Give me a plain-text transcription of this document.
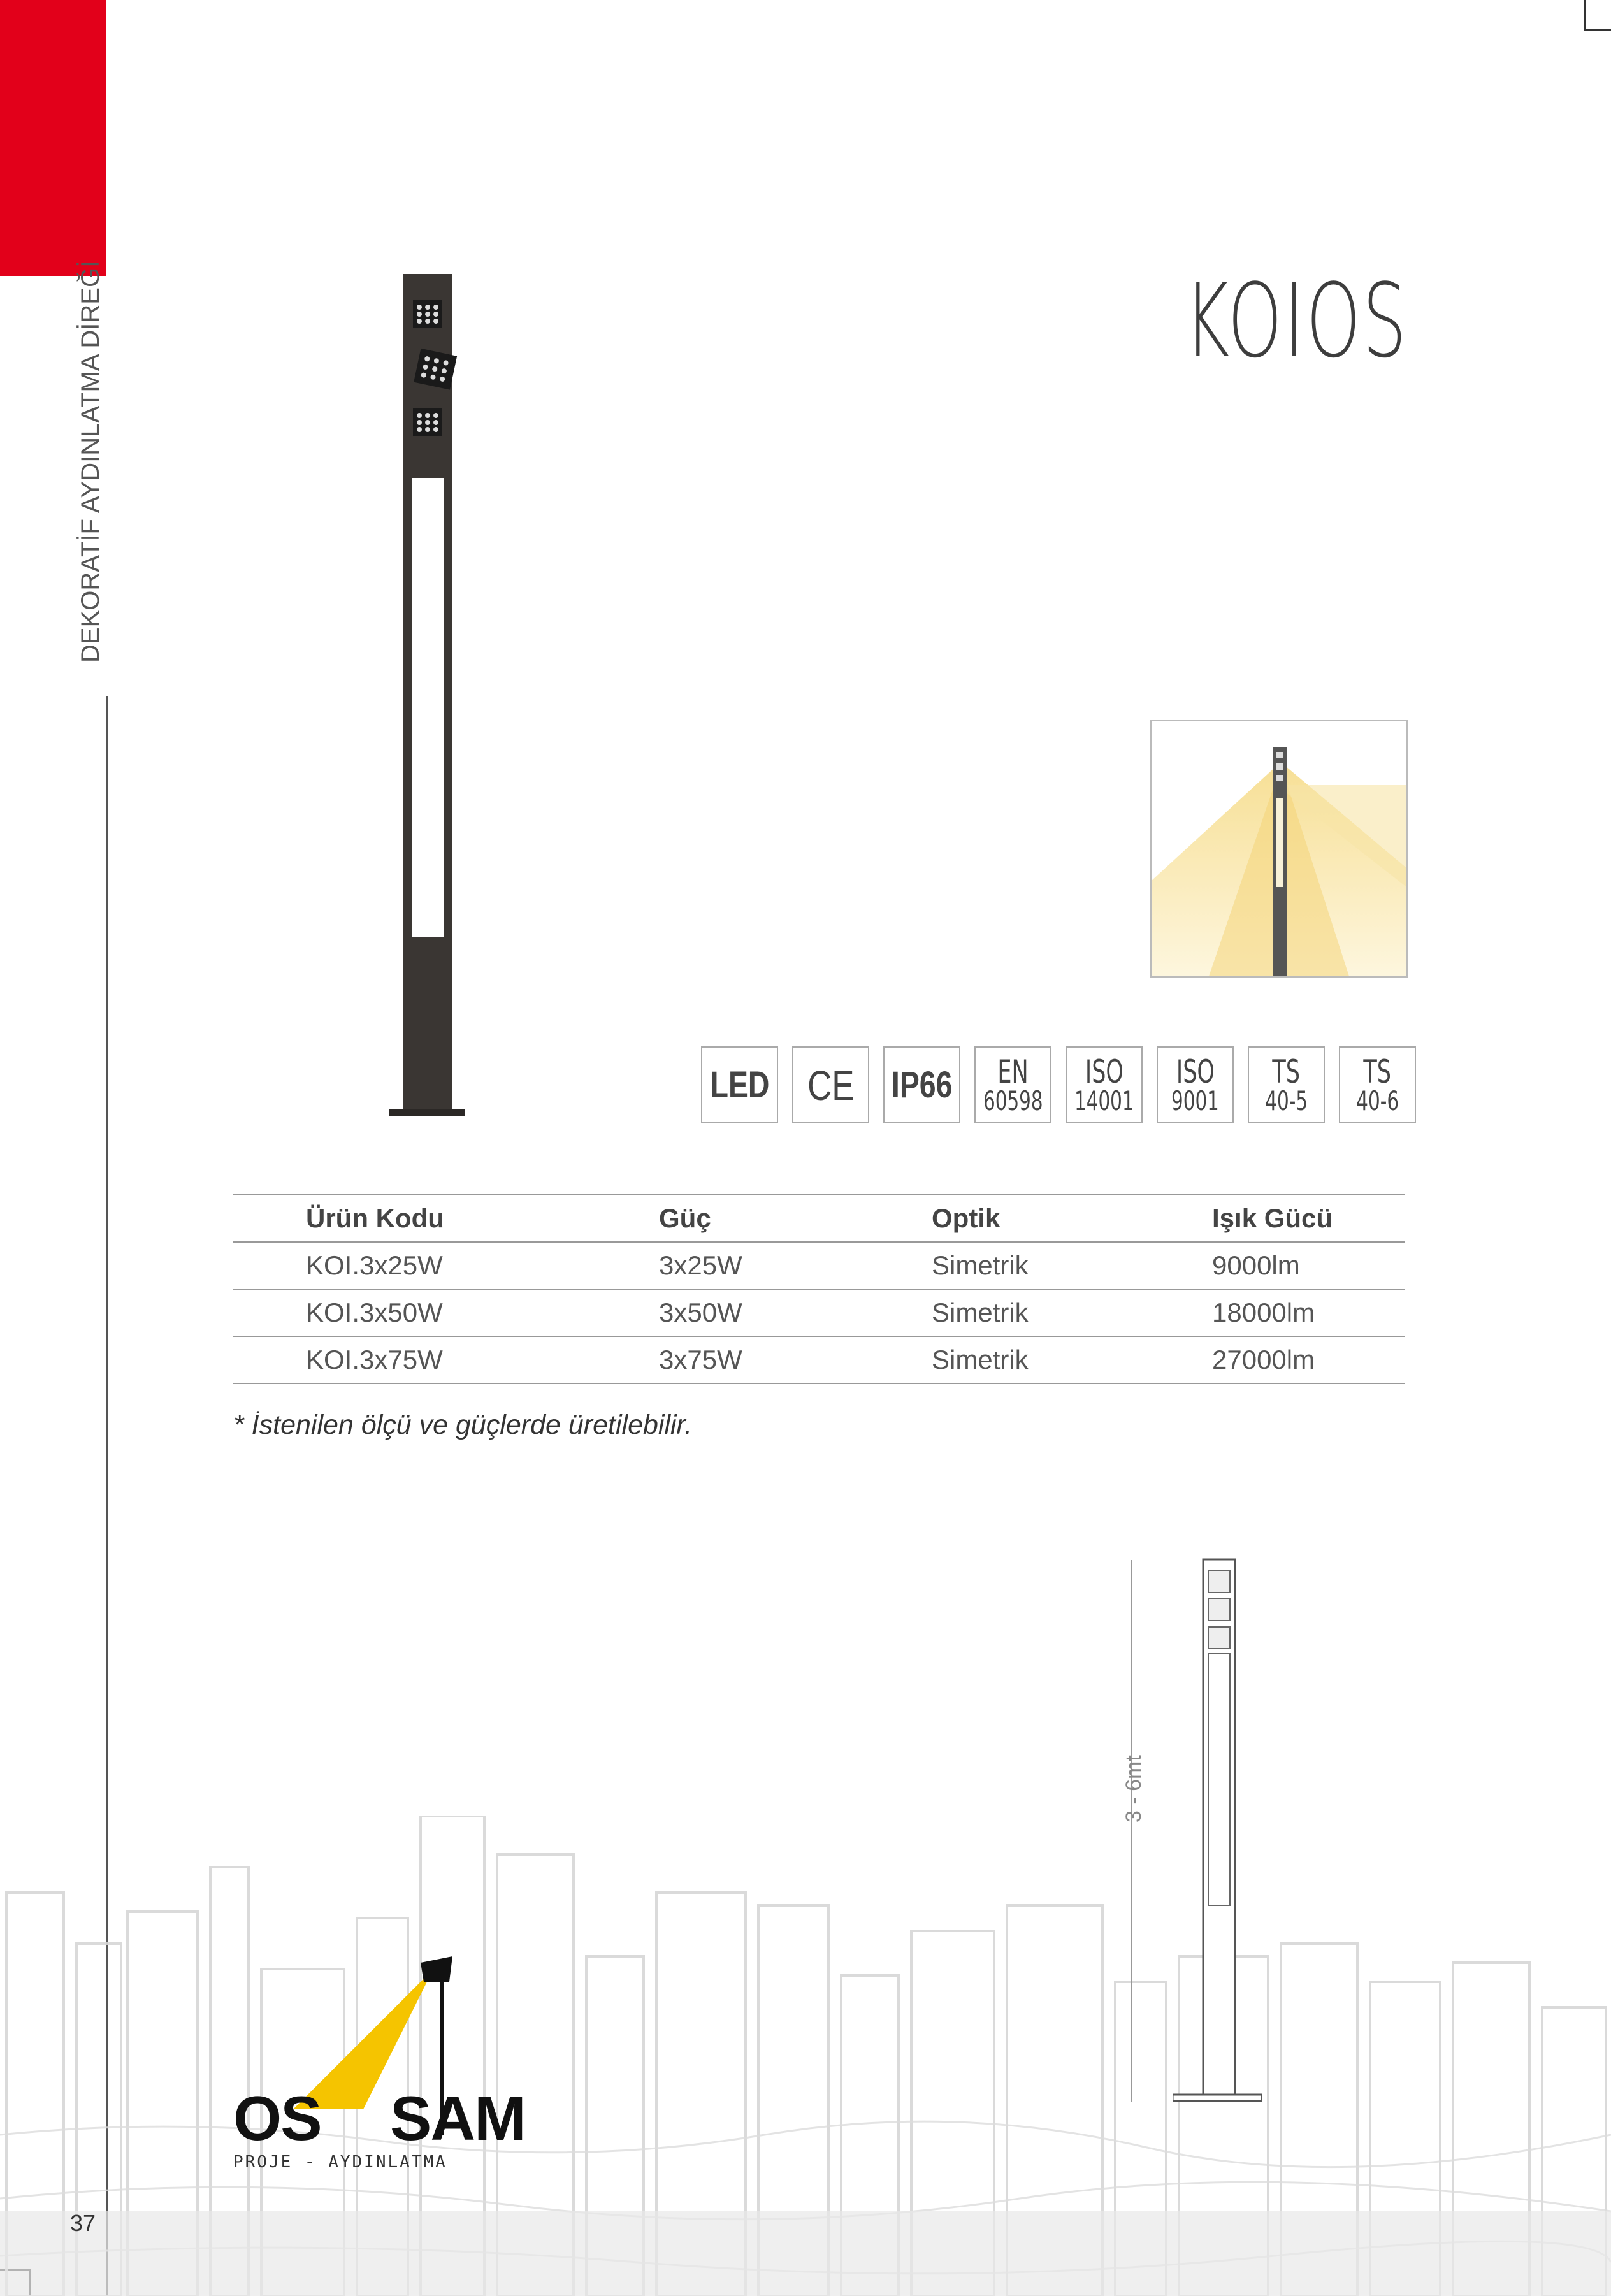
DEKORATİF AYDINLATMA DİREĞİ	KOIOS
LED CE IP66 EN
60598
ISO
14001
ISO
9001
TS
40-5
TS
40-6
Ürün Kodu	Güç	Optik	Işık Gücü
KOI.3x25W	3x25W	Simetrik	9000lm
KOI.3x50W	3x50W	Simetrik	18000lm
KOI.3x75W	3x75W	Simetrik	27000lm
* İstenilen ölçü ve güçlerde üretilebilir.
3 - 6mt
OS SAM
PROJE - AYDINLATMA
37
